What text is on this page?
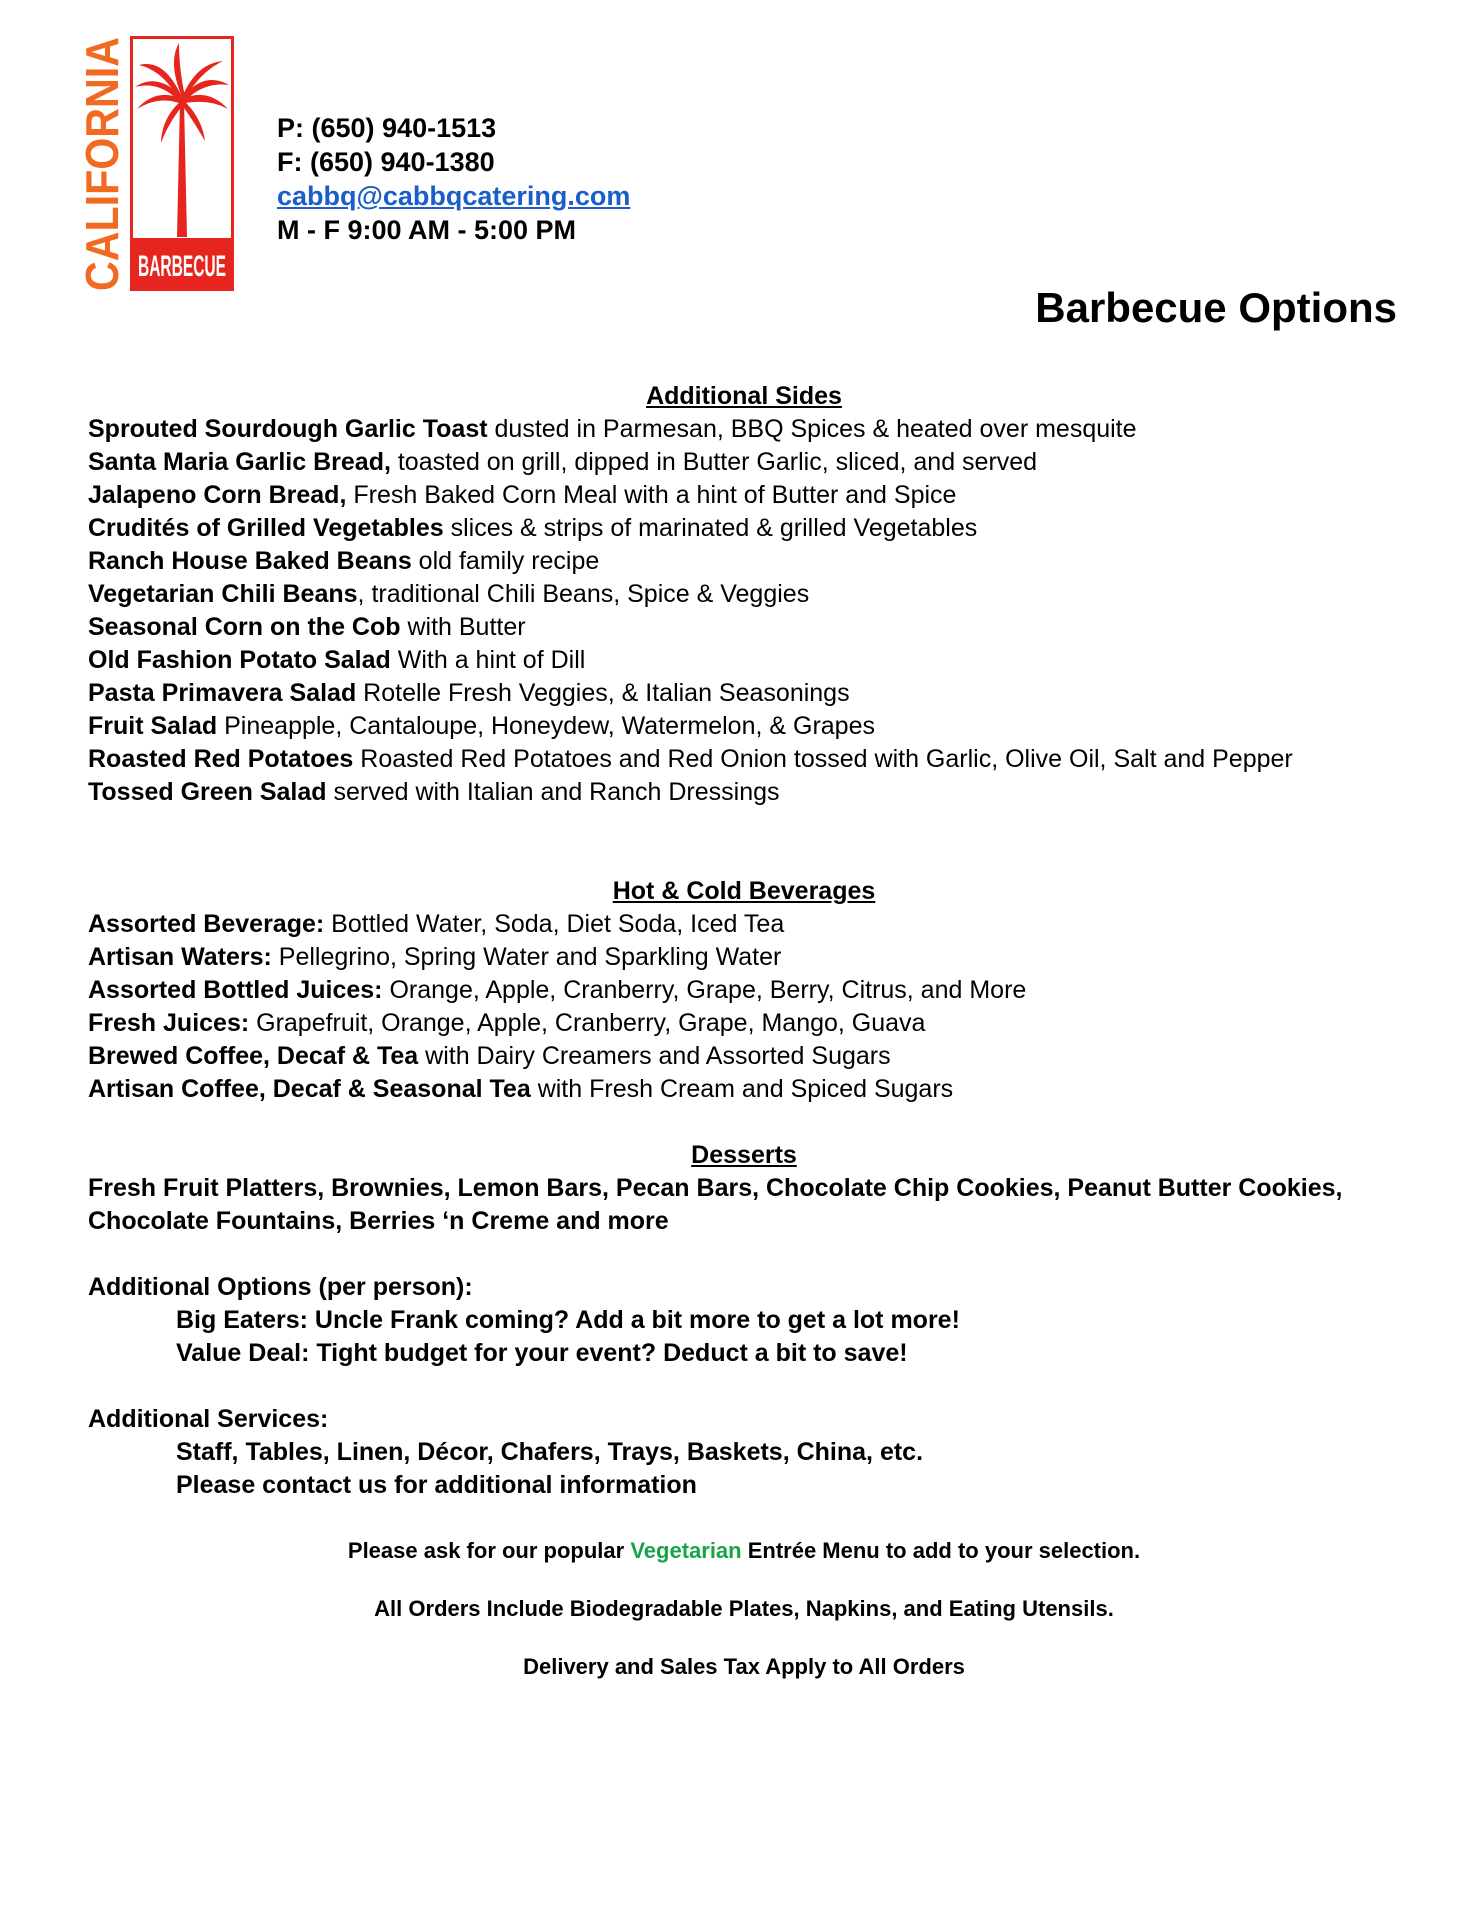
CALIFORNIA BARBECUE
P: (650) 940-1513
F: (650) 940-1380
cabbq@cabbqcatering.com
M - F 9:00 AM - 5:00 PM
Barbecue Options
Additional Sides
Sprouted Sourdough Garlic Toast dusted in Parmesan, BBQ Spices & heated over mesquite
Santa Maria Garlic Bread, toasted on grill, dipped in Butter Garlic, sliced, and served
Jalapeno Corn Bread, Fresh Baked Corn Meal with a hint of Butter and Spice
Crudités of Grilled Vegetables slices & strips of marinated & grilled Vegetables
Ranch House Baked Beans old family recipe
Vegetarian Chili Beans, traditional Chili Beans, Spice & Veggies
Seasonal Corn on the Cob with Butter
Old Fashion Potato Salad With a hint of Dill
Pasta Primavera Salad Rotelle Fresh Veggies, & Italian Seasonings
Fruit Salad Pineapple, Cantaloupe, Honeydew, Watermelon, & Grapes
Roasted Red Potatoes Roasted Red Potatoes and Red Onion tossed with Garlic, Olive Oil, Salt and Pepper
Tossed Green Salad served with Italian and Ranch Dressings
Hot & Cold Beverages
Assorted Beverage: Bottled Water, Soda, Diet Soda, Iced Tea
Artisan Waters: Pellegrino, Spring Water and Sparkling Water
Assorted Bottled Juices: Orange, Apple, Cranberry, Grape, Berry, Citrus, and More
Fresh Juices: Grapefruit, Orange, Apple, Cranberry, Grape, Mango, Guava
Brewed Coffee, Decaf & Tea with Dairy Creamers and Assorted Sugars
Artisan Coffee, Decaf & Seasonal Tea with Fresh Cream and Spiced Sugars
Desserts

Fresh Fruit Platters, Brownies, Lemon Bars, Pecan Bars, Chocolate Chip Cookies, Peanut Butter Cookies, Chocolate Fountains, Berries ‘n Creme and more

Additional Options (per person):

Big Eaters: Uncle Frank coming? Add a bit more to get a lot more!
Value Deal: Tight budget for your event? Deduct a bit to save!

Additional Services:

Staff, Tables, Linen, Décor, Chafers, Trays, Baskets, China, etc.
Please contact us for additional information

Please ask for our popular Vegetarian Entrée Menu to add to your selection.

All Orders Include Biodegradable Plates, Napkins, and Eating Utensils.

Delivery and Sales Tax Apply to All Orders
